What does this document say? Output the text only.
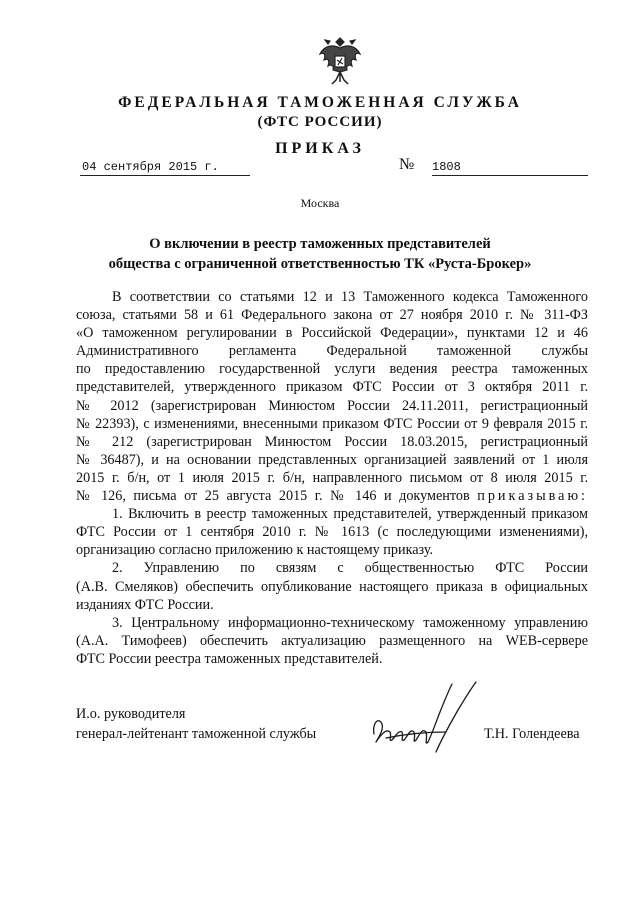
ФЕДЕРАЛЬНАЯ ТАМОЖЕННАЯ СЛУЖБА
(ФТС РОССИИ)
ПРИКАЗ
04 сентября 2015 г.	№ 1808
Москва
О включении в реестр таможенных представителей
общества с ограниченной ответственностью ТК «Руста-Брокер»
В соответствии со статьями 12 и 13 Таможенного кодекса Таможенного
союза, статьями 58 и 61 Федерального закона от 27 ноября 2010 г. № 311-ФЗ
«О таможенном регулировании в Российской Федерации», пунктами 12 и 46
Административного регламента Федеральной таможенной службы
по предоставлению государственной услуги ведения реестра таможенных
представителей, утвержденного приказом ФТС России от 3 октября 2011 г.
№ 2012 (зарегистрирован Минюстом России 24.11.2011, регистрационный
№ 22393), с изменениями, внесенными приказом ФТС России от 9 февраля 2015 г.
№ 212 (зарегистрирован Минюстом России 18.03.2015, регистрационный
№ 36487), и на основании представленных организацией заявлений от 1 июля
2015 г. б/н, от 1 июля 2015 г. б/н, направленного письмом от 8 июля 2015 г.
№ 126, письма от 25 августа 2015 г. № 146 и документов приказываю:
1. Включить в реестр таможенных представителей, утвержденный приказом
ФТС России от 1 сентября 2010 г. № 1613 (с последующими изменениями),
организацию согласно приложению к настоящему приказу.
2. Управлению по связям с общественностью ФТС России
(А.В. Смеляков) обеспечить опубликование настоящего приказа в официальных
изданиях ФТС России.
3. Центральному информационно-техническому таможенному управлению
(А.А. Тимофеев) обеспечить актуализацию размещенного на WEB-сервере
ФТС России реестра таможенных представителей.
И.о. руководителя
генерал-лейтенант таможенной службы	Т.Н. Голендеева
